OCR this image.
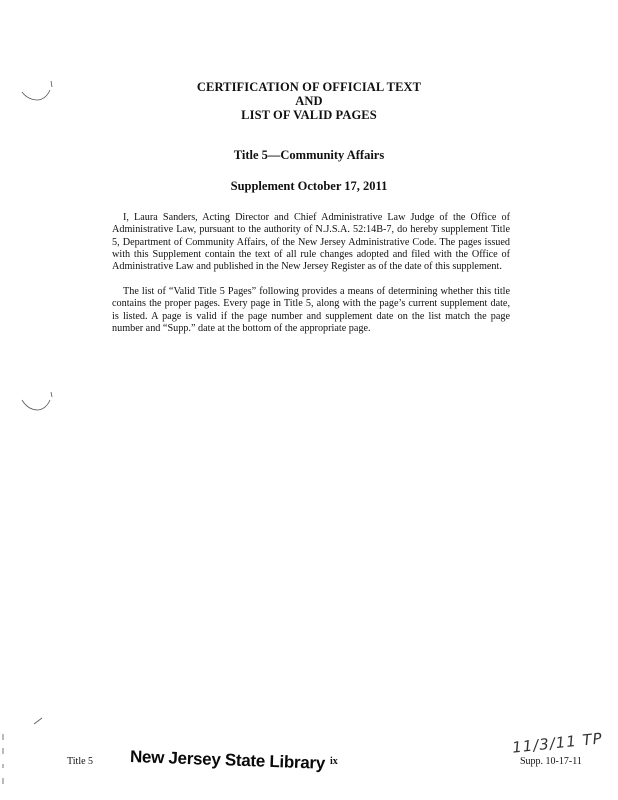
CERTIFICATION OF OFFICIAL TEXT
AND
LIST OF VALID PAGES
Title 5—Community Affairs
Supplement October 17, 2011

I, Laura Sanders, Acting Director and Chief Administrative Law Judge of the Office of Administrative Law, pursuant to the authority of N.J.S.A. 52:14B-7, do hereby supplement Title 5, Department of Community Affairs, of the New Jersey Administrative Code. The pages issued with this Supplement contain the text of all rule changes adopted and filed with the Office of Administrative Law and published in the New Jersey Register as of the date of this supplement.

The list of “Valid Title 5 Pages” following provides a means of determining whether this title contains the proper pages. Every page in Title 5, along with the page’s current supplement date, is listed. A page is valid if the page number and supplement date on the list match the page number and “Supp.” date at the bottom of the appropriate page.

Title 5 New Jersey State Library ix
11/3/11 TP
Supp. 10-17-11
